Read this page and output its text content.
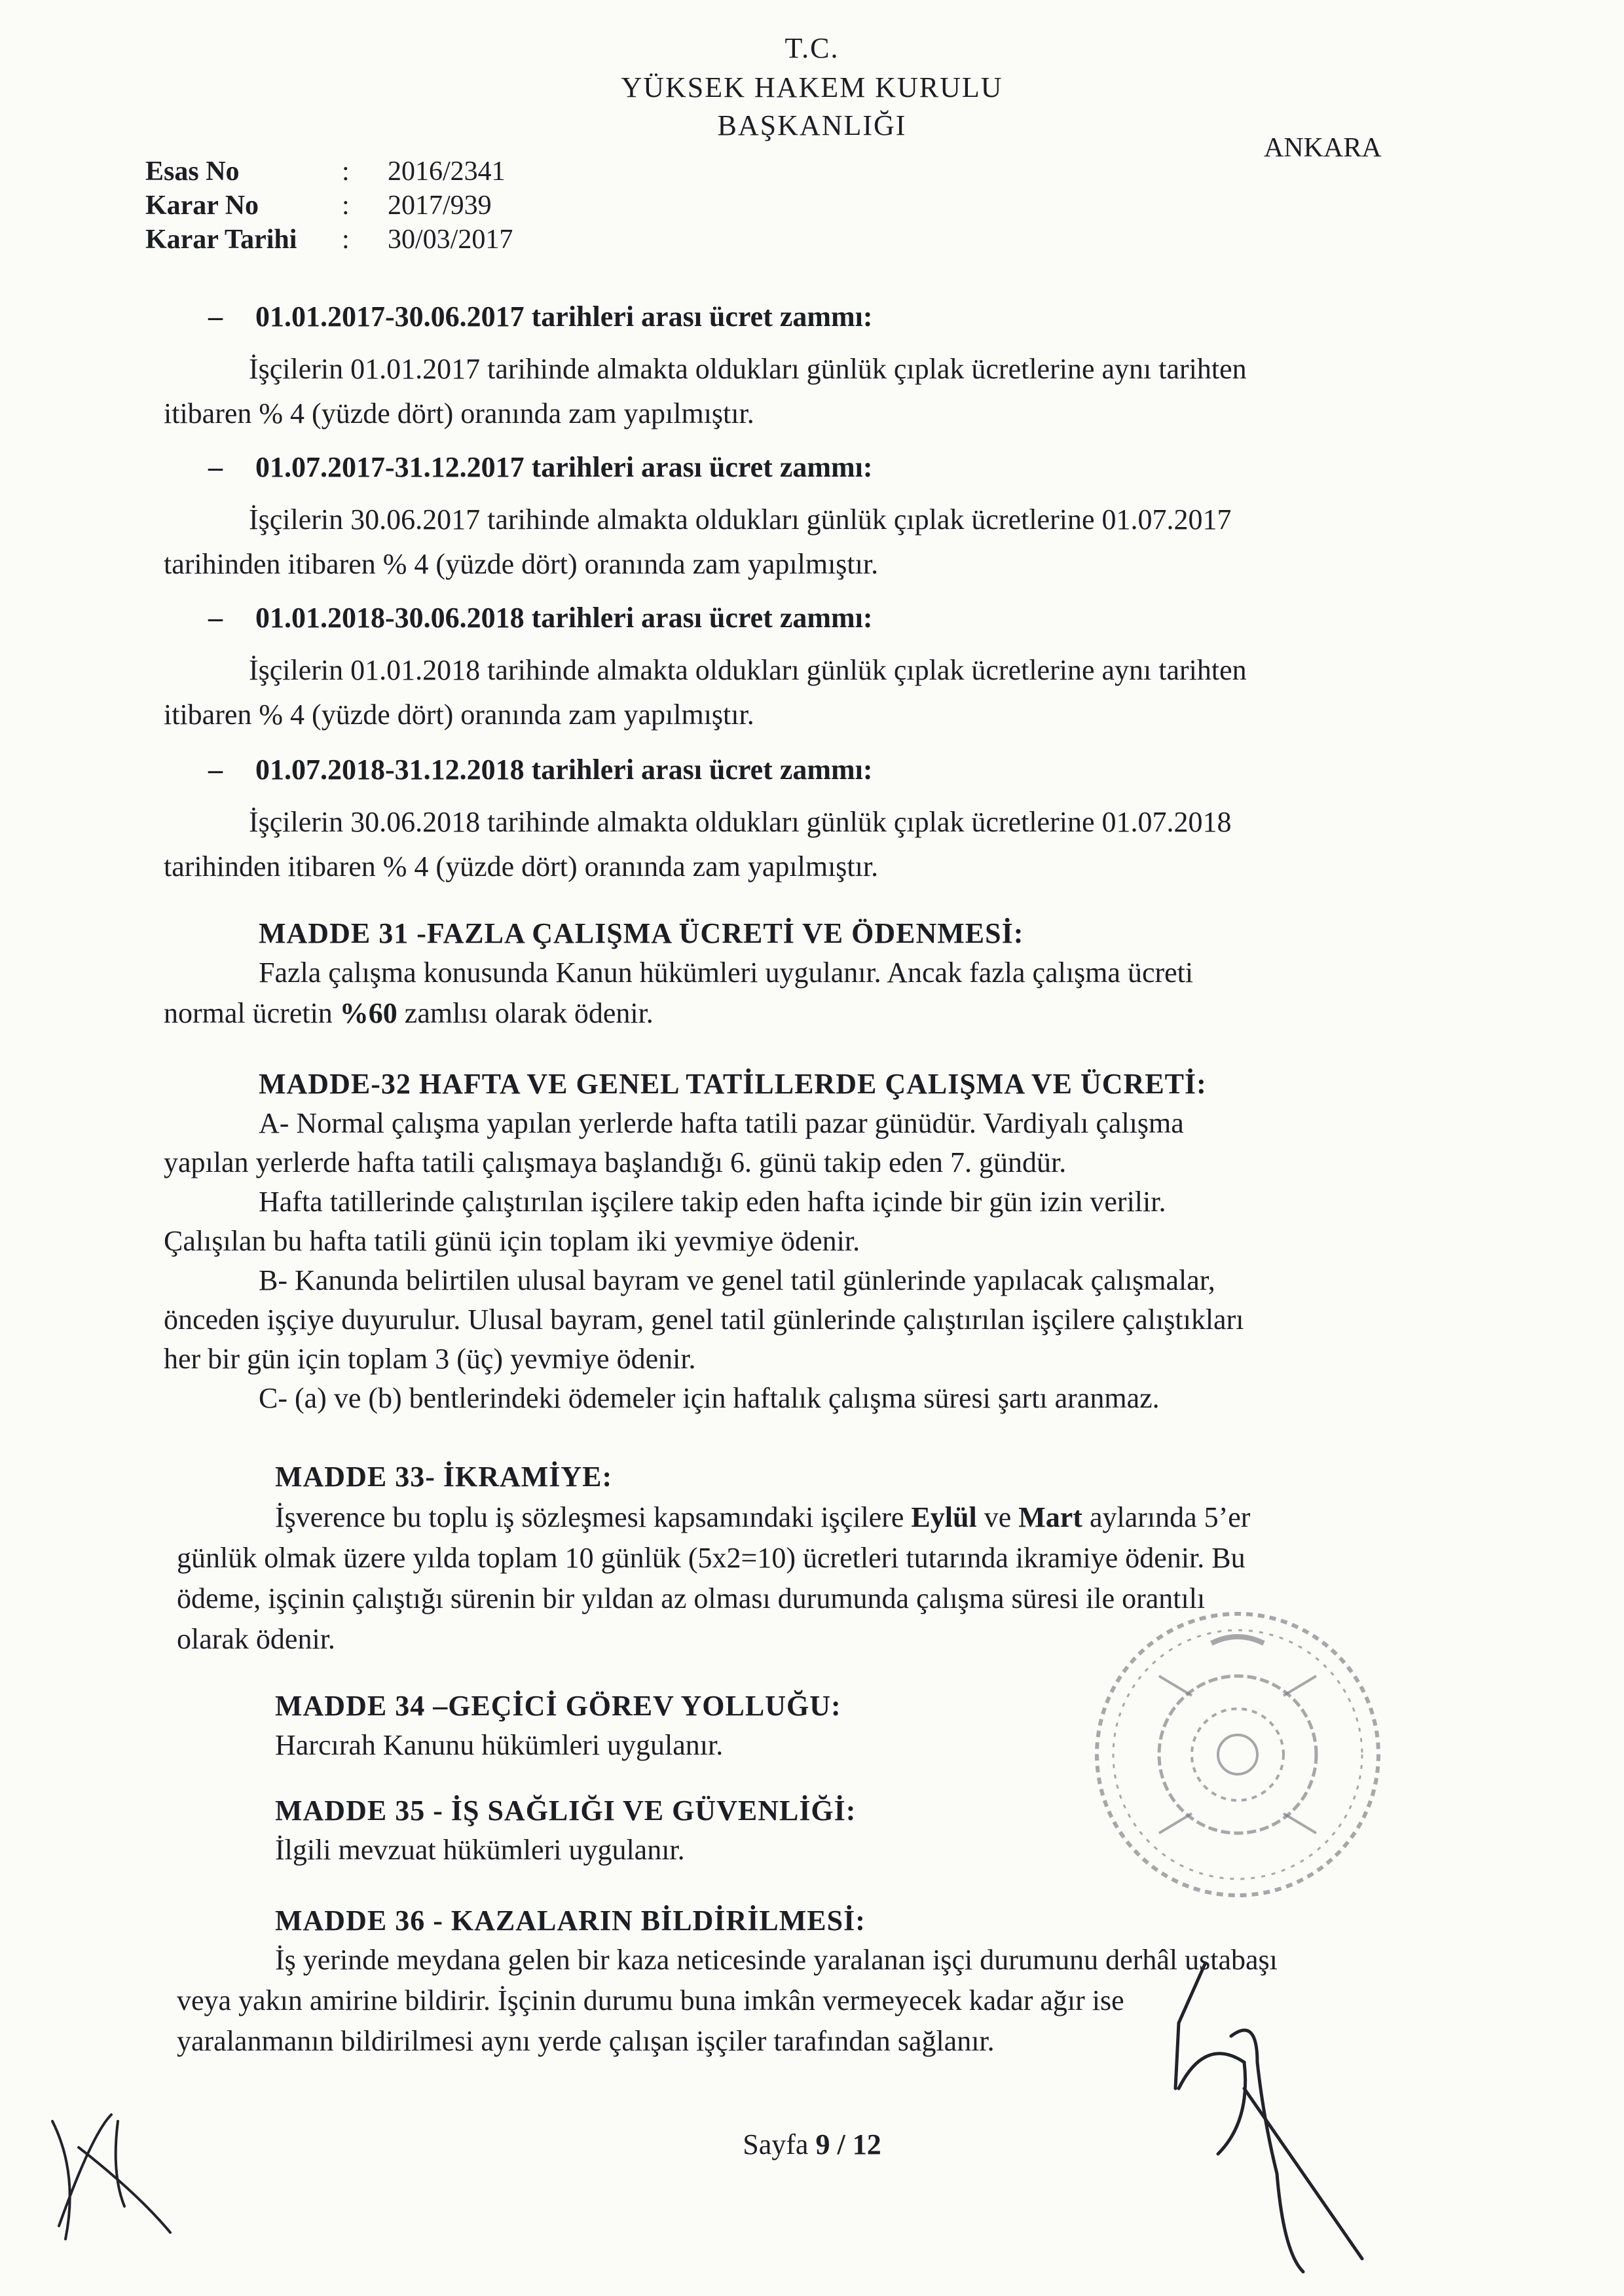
T.C.
YÜKSEK HAKEM KURULU
BAŞKANLIĞI
ANKARA
Esas No	: 2016/2341
Karar No	: 2017/939
Karar Tarihi : 30/03/2017
– 01.01.2017-30.06.2017 tarihleri arası ücret zammı:
İşçilerin 01.01.2017 tarihinde almakta oldukları günlük çıplak ücretlerine aynı tarihten
itibaren % 4 (yüzde dört) oranında zam yapılmıştır.
– 01.07.2017-31.12.2017 tarihleri arası ücret zammı:
İşçilerin 30.06.2017 tarihinde almakta oldukları günlük çıplak ücretlerine 01.07.2017
tarihinden itibaren % 4 (yüzde dört) oranında zam yapılmıştır.
– 01.01.2018-30.06.2018 tarihleri arası ücret zammı:
İşçilerin 01.01.2018 tarihinde almakta oldukları günlük çıplak ücretlerine aynı tarihten
itibaren % 4 (yüzde dört) oranında zam yapılmıştır.
– 01.07.2018-31.12.2018 tarihleri arası ücret zammı:
İşçilerin 30.06.2018 tarihinde almakta oldukları günlük çıplak ücretlerine 01.07.2018
tarihinden itibaren % 4 (yüzde dört) oranında zam yapılmıştır.
MADDE 31 -FAZLA ÇALIŞMA ÜCRETİ VE ÖDENMESİ:
Fazla çalışma konusunda Kanun hükümleri uygulanır. Ancak fazla çalışma ücreti
normal ücretin %60 zamlısı olarak ödenir.
MADDE-32 HAFTA VE GENEL TATİLLERDE ÇALIŞMA VE ÜCRETİ:
A- Normal çalışma yapılan yerlerde hafta tatili pazar günüdür. Vardiyalı çalışma
yapılan yerlerde hafta tatili çalışmaya başlandığı 6. günü takip eden 7. gündür.
Hafta tatillerinde çalıştırılan işçilere takip eden hafta içinde bir gün izin verilir.
Çalışılan bu hafta tatili günü için toplam iki yevmiye ödenir.
B- Kanunda belirtilen ulusal bayram ve genel tatil günlerinde yapılacak çalışmalar,
önceden işçiye duyurulur. Ulusal bayram, genel tatil günlerinde çalıştırılan işçilere çalıştıkları
her bir gün için toplam 3 (üç) yevmiye ödenir.
C- (a) ve (b) bentlerindeki ödemeler için haftalık çalışma süresi şartı aranmaz.
MADDE 33- İKRAMİYE:
İşverence bu toplu iş sözleşmesi kapsamındaki işçilere Eylül ve Mart aylarında 5’er
günlük olmak üzere yılda toplam 10 günlük (5x2=10) ücretleri tutarında ikramiye ödenir. Bu
ödeme, işçinin çalıştığı sürenin bir yıldan az olması durumunda çalışma süresi ile orantılı
olarak ödenir.
MADDE 34 –GEÇİCİ GÖREV YOLLUĞU:
Harcırah Kanunu hükümleri uygulanır.
MADDE 35 - İŞ SAĞLIĞI VE GÜVENLİĞİ:
İlgili mevzuat hükümleri uygulanır.
MADDE 36 - KAZALARIN BİLDİRİLMESİ:
İş yerinde meydana gelen bir kaza neticesinde yaralanan işçi durumunu derhâl ustabaşı
veya yakın amirine bildirir. İşçinin durumu buna imkân vermeyecek kadar ağır ise
yaralanmanın bildirilmesi aynı yerde çalışan işçiler tarafından sağlanır.
Sayfa 9 / 12
